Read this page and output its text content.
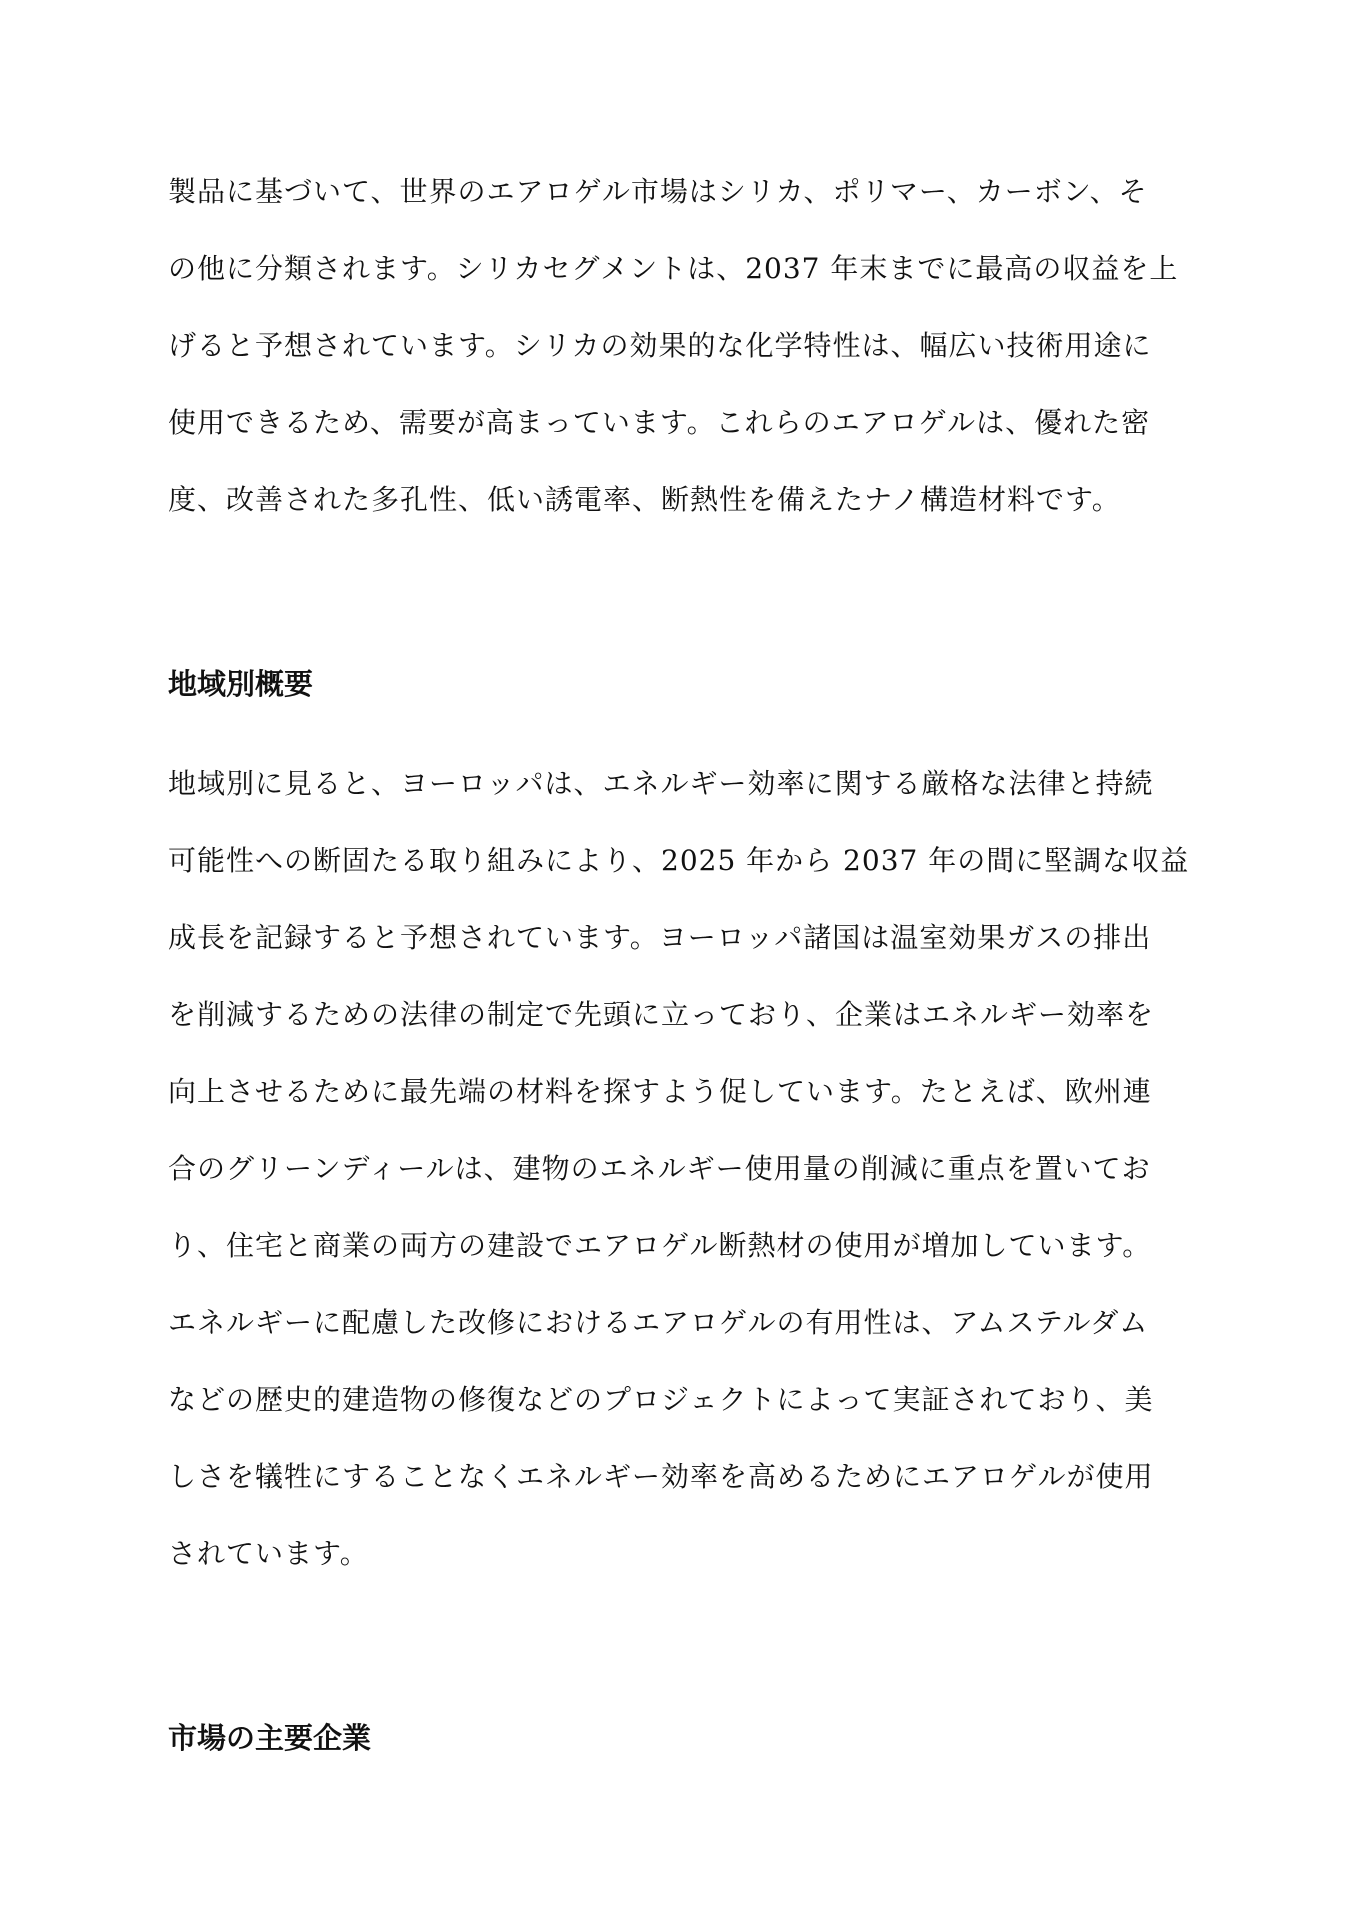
製品に基づいて、世界のエアロゲル市場はシリカ、ポリマー、カーボン、そ
の他に分類されます。シリカセグメントは、2037 年末までに最高の収益を上
げると予想されています。シリカの効果的な化学特性は、幅広い技術用途に
使用できるため、需要が高まっています。これらのエアロゲルは、優れた密
度、改善された多孔性、低い誘電率、断熱性を備えたナノ構造材料です。
地域別概要
地域別に見ると、ヨーロッパは、エネルギー効率に関する厳格な法律と持続
可能性への断固たる取り組みにより、2025 年から 2037 年の間に堅調な収益
成長を記録すると予想されています。ヨーロッパ諸国は温室効果ガスの排出
を削減するための法律の制定で先頭に立っており、企業はエネルギー効率を
向上させるために最先端の材料を探すよう促しています。たとえば、欧州連
合のグリーンディールは、建物のエネルギー使用量の削減に重点を置いてお
り、住宅と商業の両方の建設でエアロゲル断熱材の使用が増加しています。
エネルギーに配慮した改修におけるエアロゲルの有用性は、アムステルダム
などの歴史的建造物の修復などのプロジェクトによって実証されており、美
しさを犠牲にすることなくエネルギー効率を高めるためにエアロゲルが使用
されています。
市場の主要企業
